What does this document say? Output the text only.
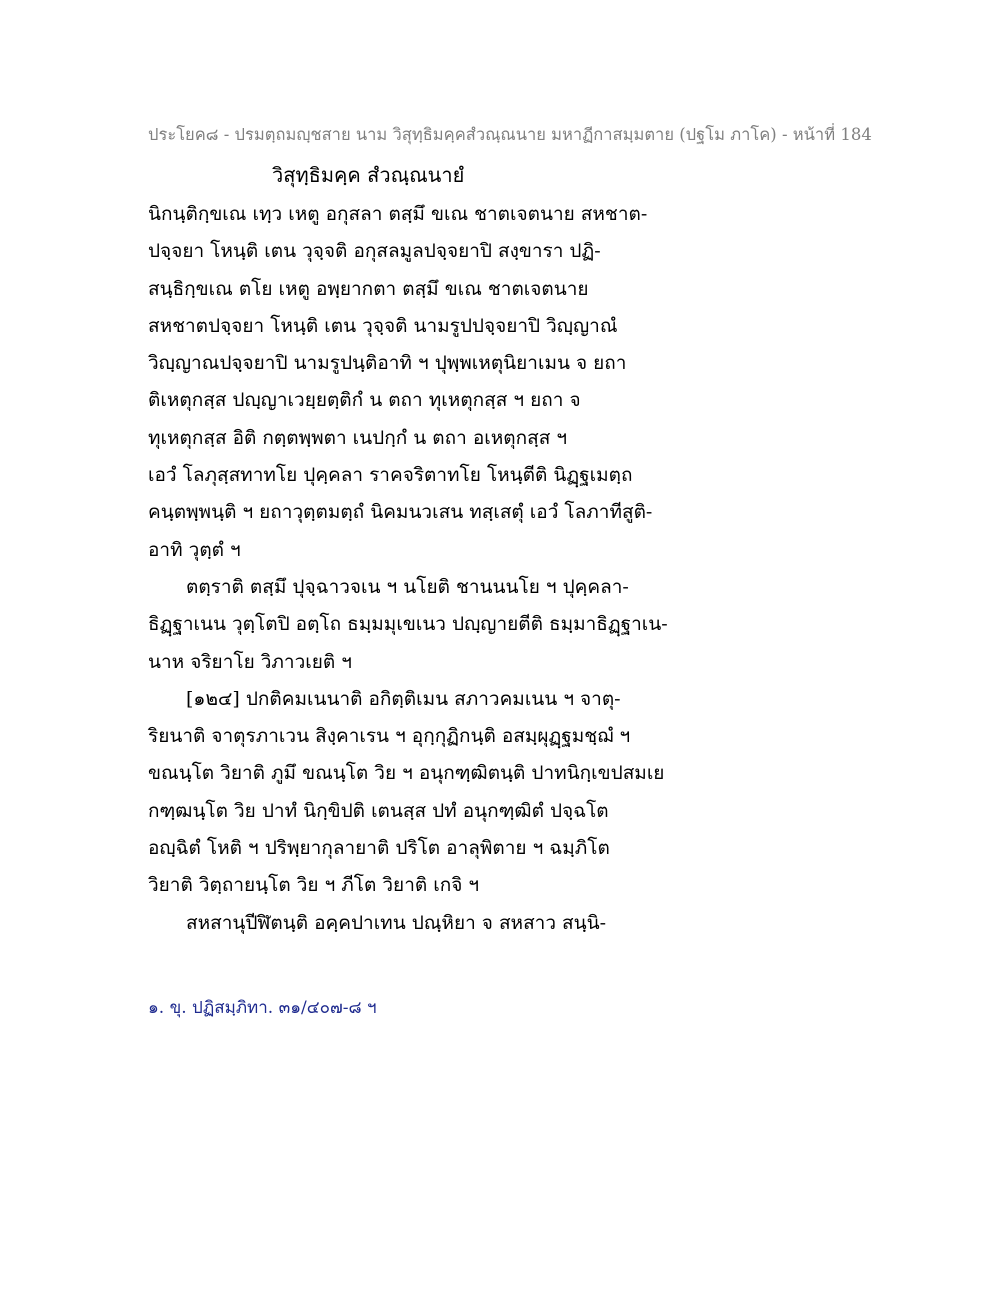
ประโยค๘ - ปรมตฺถมญฺชสาย นาม วิสุทฺธิมคฺคสํวณฺณนาย มหาฏีกาสมฺมตาย (ปฐโม ภาโค) - หน้าที่ 184
วิสุทฺธิมคฺค สํวณฺณนายํ
นิกนฺติกฺขเณ เทฺว เหตู อกุสลา ตสฺมึ ขเณ ชาตเจตนาย สหชาต-
ปจฺจยา โหนฺติ เตน วุจฺจติ อกุสลมูลปจฺจยาปิ สงฺขารา ปฏิ-
สนฺธิกฺขเณ ตโย เหตู อพฺยากตา ตสฺมึ ขเณ ชาตเจตนาย
สหชาตปจฺจยา โหนฺติ เตน วุจฺจติ นามรูปปจฺจยาปิ วิญฺญาณํ
วิญฺญาณปจฺจยาปิ นามรูปนฺติอาทิ ฯ ปุพฺพเหตุนิยาเมน จ ยถา
ติเหตุกสฺส ปญฺญาเวยฺยตฺติกํ น ตถา ทุเหตุกสฺส ฯ ยถา จ
ทุเหตุกสฺส อิติ กตฺตพฺพตา เนปกฺกํ น ตถา อเหตุกสฺส ฯ
เอวํ โลภุสฺสทาทโย ปุคฺคลา ราคจริตาทโย โหนฺตีติ นิฏฺฐเมตฺถ
คนฺตพฺพนฺติ ฯ ยถาวุตฺตมตฺถํ นิคมนวเสน ทสฺเสตุํ เอวํ โลภาทีสูติ-
อาทิ วุตฺตํ ฯ
ตตฺราติ ตสฺมึ ปุจฺฉาวจเน ฯ นโยติ ชานนนโย ฯ ปุคฺคลา-
ธิฏฺฐาเนน วุตฺโตปิ อตฺโถ ธมฺมมุเขเนว ปญฺญายตีติ ธมฺมาธิฏฺฐาเน-
นาห จริยาโย วิภาวเยติ ฯ
[๑๒๔] ปกติคมเนนาติ อกิตฺติเมน สภาวคมเนน ฯ จาตุ-
ริยนาติ จาตุรภาเวน สิงฺคาเรน ฯ อุกฺกุฏิกนฺติ อสมฺผุฏฺฐมชฺฌํ ฯ
ขณนฺโต วิยาติ ภูมึ ขณนฺโต วิย ฯ อนุกฑฺฒิตนฺติ ปาทนิกฺเขปสมเย
กฑฺฒนฺโต วิย ปาทํ นิกฺขิปติ เตนสฺส ปทํ อนุกฑฺฒิตํ ปจฺฉโต
อญฺฉิตํ โหติ ฯ ปริพฺยากุลายาติ ปริโต อาลุพิตาย ฯ ฉมฺภิโต
วิยาติ วิตฺถายนฺโต วิย ฯ ภีโต วิยาติ เกจิ ฯ
สหสานุปีฬิตนฺติ อคฺคปาเทน ปณฺหิยา จ สหสาว สนฺนิ-
๑. ขุ. ปฏิสมฺภิทา. ๓๑/๔๐๗-๘ ฯ
